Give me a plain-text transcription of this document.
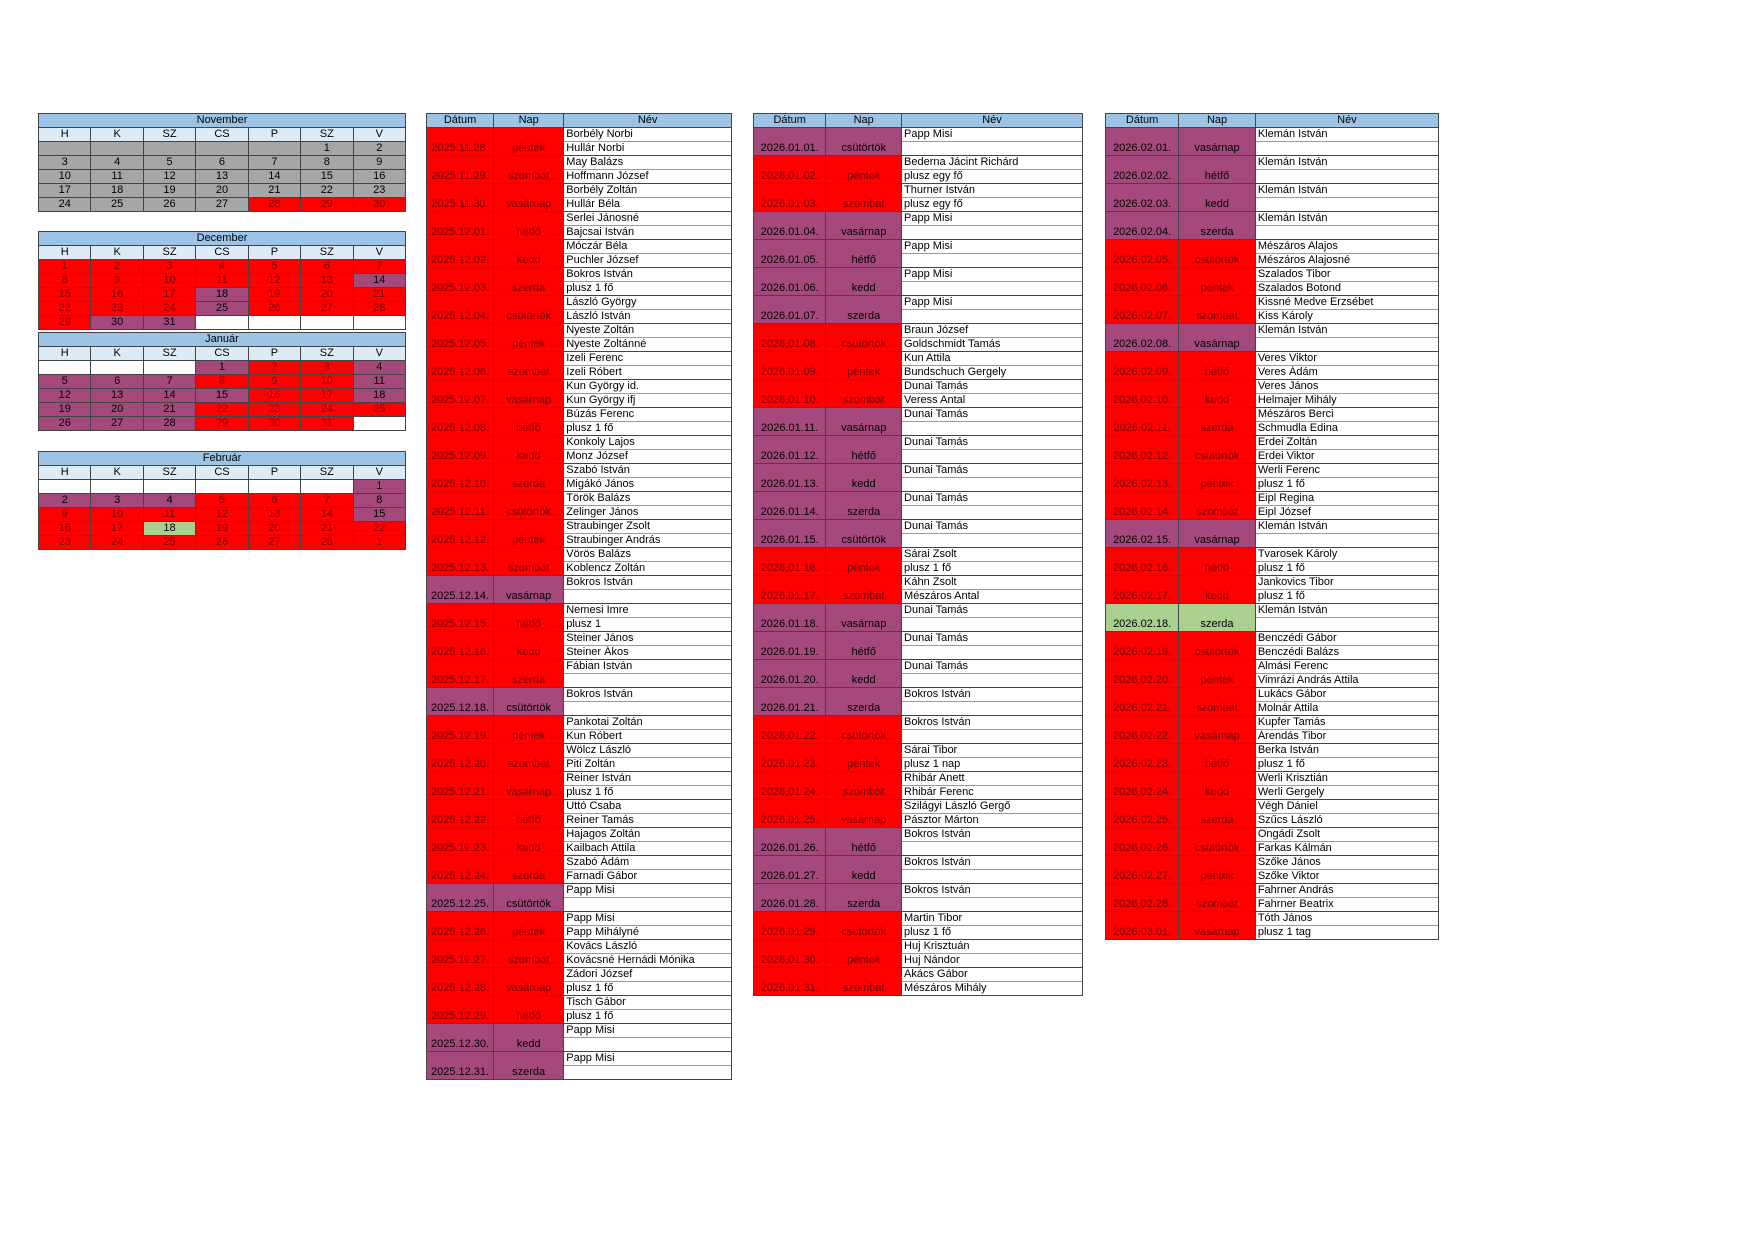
November						
H	K	SZ	CS	P	SZ	V
					1	2
3	4	5	6	7	8	9
10	11	12	13	14	15	16
17	18	19	20	21	22	23
24	25	26	27	28	29	30
December						
H	K	SZ	CS	P	SZ	V
1	2	3	4	5	6	7
8	9	10	11	12	13	14
15	16	17	18	19	20	21
22	23	24	25	26	27	28
29	30	31				
Január						
H	K	SZ	CS	P	SZ	V
			1	2	3	4
5	6	7	8	9	10	11
12	13	14	15	16	17	18
19	20	21	22	23	24	25
26	27	28	29	30	31	
Február						
H	K	SZ	CS	P	SZ	V
						1
2	3	4	5	6	7	8
9	10	11	12	13	14	15
16	17	18	19	20	21	22
23	24	25	26	27	28	1
Dátum	Nap	Név
2025.11.28.	péntek	Borbély Norbi
		Hullár Norbi
2025.11.29.	szombat	May Balázs
		Hoffmann József
2025.11.30.	vasárnap	Borbély Zoltán
		Hullár Béla
2025.12.01.	hétfő	Serlei Jánosné
		Bajcsai István
2025.12.02.	kedd	Móczár Béla
		Puchler József
2025.12.03.	szerda	Bokros István
		plusz 1 fő
2025.12.04.	csütörtök	László György
		László István
2025.12.05.	péntek	Nyeste Zoltán
		Nyeste Zoltánné
2025.12.06.	szombat	Izeli Ferenc
		Izeli Róbert
2025.12.07.	vasárnap	Kun György id.
		Kun György ifj
2025.12.08.	hétfő	Búzás Ferenc
		plusz 1 fő
2025.12.09.	kedd	Konkoly Lajos
		Monz József
2025.12.10.	szerda	Szabó István
		Migákó János
2025.12.11.	csütörtök	Török Balázs
		Zelinger János
2025.12.12.	péntek	Straubinger Zsolt
		Straubinger András
2025.12.13.	szombat	Vörös Balázs
		Koblencz Zoltán
2025.12.14.	vasárnap	Bokros István

2025.12.15.	hétfő	Nemesi Imre
		plusz 1
2025.12.16.	kedd	Steiner János
		Steiner Ákos
2025.12.17.	szerda	Fábian István

2025.12.18.	csütörtök	Bokros István

2025.12.19.	péntek	Pankotai Zoltán
		Kun Róbert
2025.12.20.	szombat	Wölcz László
		Piti Zoltán
2025.12.21.	vasárnap	Reiner István
		plusz 1 fő
2025.12.22.	hétfő	Uttó Csaba
		Reiner Tamás
2025.12.23.	kedd	Hajagos Zoltán
		Kailbach Attila
2025.12.24.	szerda	Szabó Ádám
		Farnadi Gábor
2025.12.25.	csütörtök	Papp Misi

2025.12.26.	péntek	Papp Misi
		Papp Mihályné
2025.12.27.	szombat	Kovács László
		Kovácsné Hernádi Mónika
2025.12.28.	vasárnap	Zádori József
		plusz 1 fő
2025.12.29.	hétfő	Tisch Gábor
		plusz 1 fő
2025.12.30.	kedd	Papp Misi

2025.12.31.	szerda	Papp Misi

Dátum	Nap	Név
2026.01.01.	csütörtök	Papp Misi

2026.01.02.	péntek	Bederna Jácint Richárd
		plusz egy fő
2026.01.03.	szombat	Thurner István
		plusz egy fő
2026.01.04.	vasárnap	Papp Misi

2026.01.05.	hétfő	Papp Misi

2026.01.06.	kedd	Papp Misi

2026.01.07.	szerda	Papp Misi

2026.01.08.	csütörtök	Braun József
		Goldschmidt Tamás
2026.01.09.	péntek	Kun Attila
		Bundschuch Gergely
2026.01.10.	szombat	Dunai Tamás
		Veress Antal
2026.01.11.	vasárnap	Dunai Tamás

2026.01.12.	hétfő	Dunai Tamás

2026.01.13.	kedd	Dunai Tamás

2026.01.14.	szerda	Dunai Tamás

2026.01.15.	csütörtök	Dunai Tamás

2026.01.16.	péntek	Sárai Zsolt
		plusz 1 fő
2026.01.17.	szombat	Káhn Zsolt
		Mészáros Antal
2026.01.18.	vasárnap	Dunai Tamás

2026.01.19.	hétfő	Dunai Tamás

2026.01.20.	kedd	Dunai Tamás

2026.01.21.	szerda	Bokros István

2026.01.22.	csütörtök	Bokros István

2026.01.23.	péntek	Sárai Tibor
		plusz 1 nap
2026.01.24.	szombat	Rhibár Anett
		Rhibár Ferenc
2026.01.25.	vasárnap	Szilágyi László Gergő
		Pásztor Márton
2026.01.26.	hétfő	Bokros István

2026.01.27.	kedd	Bokros István

2026.01.28.	szerda	Bokros István

2026.01.29.	csütörtök	Martin Tibor
		plusz 1 fő
2026.01.30.	péntek	Huj Krisztuán
		Huj Nándor
2026.01.31.	szombat	Akács Gábor
		Mészáros Mihály
Dátum	Nap	Név
2026.02.01.	vasárnap	Klemán István

2026.02.02.	hétfő	Klemán István

2026.02.03.	kedd	Klemán István

2026.02.04.	szerda	Klemán István

2026.02.05.	csütörtök	Mészáros Alajos
		Mészáros Alajosné
2026.02.06.	péntek	Szalados Tibor
		Szalados Botond
2026.02.07.	szombat	Kissné Medve Erzsébet
		Kiss Károly
2026.02.08.	vasárnap	Klemán István

2026.02.09.	hétfő	Veres Viktor
		Veres Ádám
2026.02.10.	kedd	Veres János
		Helmajer Mihály
2026.02.11.	szerda	Mészáros Berci
		Schmudla Edina
2026.02.12.	csütörtök	Erdei Zoltán
		Erdei Viktor
2026.02.13.	péntek	Werli Ferenc
		plusz 1 fő
2026.02.14.	szombat	Eipl Regina
		Eipl József
2026.02.15.	vasárnap	Klemán István

2026.02.16.	hétfő	Tvarosek Károly
		plusz 1 fő
2026.02.17.	kedd	Jankovics Tibor
		plusz 1 fő
2026.02.18.	szerda	Klemán István

2026.02.19.	csütörtök	Benczédi Gábor
		Benczédi Balázs
2026.02.20.	péntek	Almási Ferenc
		Vimrázi András Attila
2026.02.21.	szombat	Lukács Gábor
		Molnár Attila
2026.02.22.	vasárnap	Kupfer Tamás
		Árendás Tibor
2026.02.23.	hétfő	Berka István
		plusz 1 fő
2026.02.24.	kedd	Werli Krisztián
		Werli Gergely
2026.02.25.	szerda	Végh Dániel
		Szűcs László
2026.02.26.	csütörtök	Ongádi Zsolt
		Farkas Kálmán
2026.02.27.	péntek	Szőke János
		Szőke Viktor
2026.02.28.	szombat	Fahrner András
		Fahrner Beatrix
2026.03.01.	vasárnap	Tóth János
		plusz 1 tag
